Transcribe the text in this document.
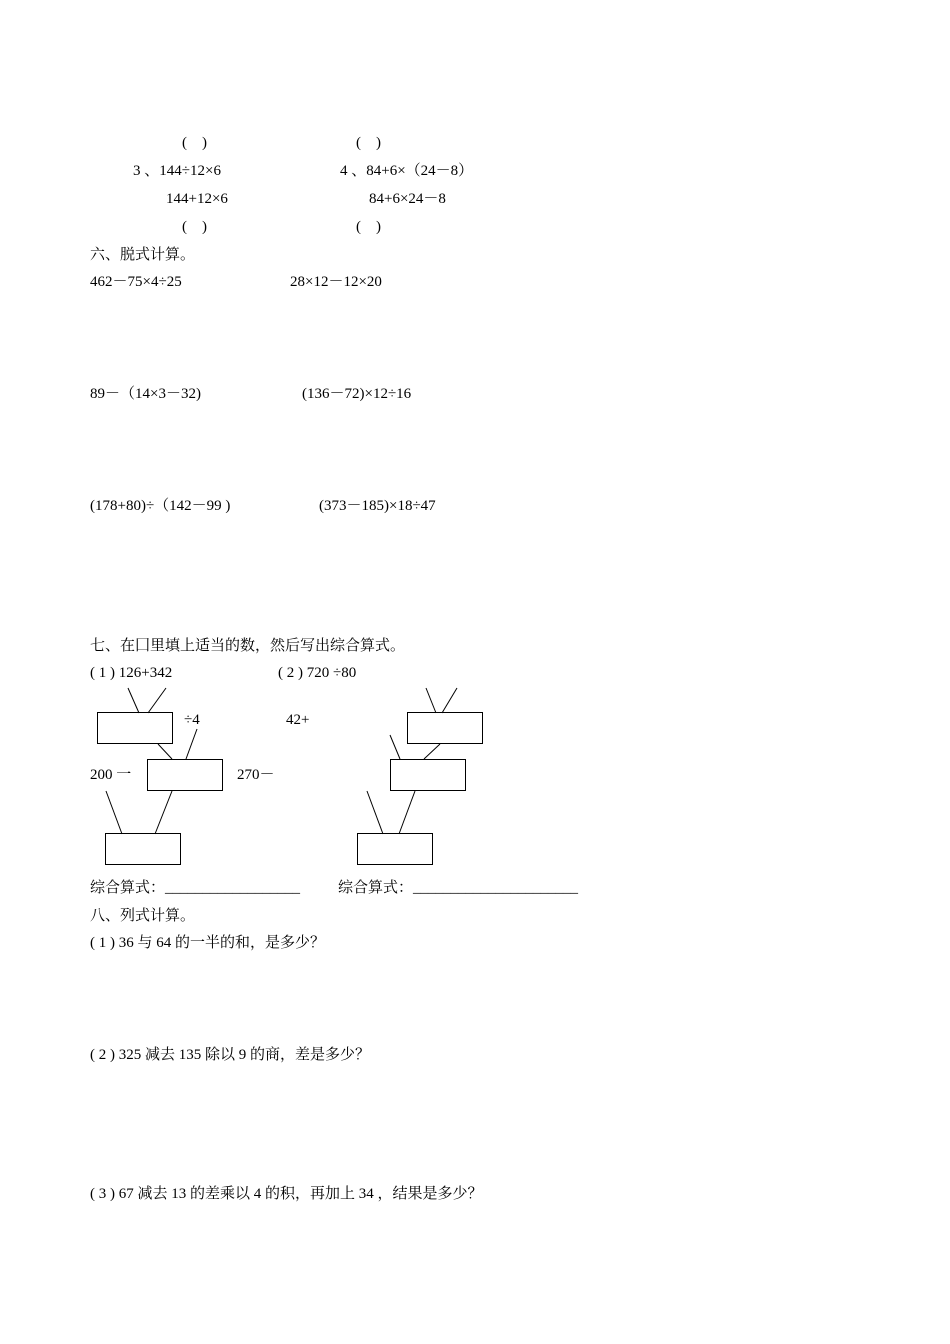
(    )	(    )
3 、144÷12×6	4 、84+6×（24－8）
144+12×6	84+6×24－8
(    )	(    )
六、脱式计算。
462－75×4÷25	28×12－12×20
89－（14×3－32)	(136－72)×12÷16
(178+80)÷（142－99 )	(373－185)×18÷47
七、在囗里填上适当的数，然后写出综合算式。
( 1 ) 126+342	( 2 ) 720 ÷80
÷4	42+
200 一	270－
综合算式：__________________	综合算式：______________________
八、列式计算。
( 1 ) 36 与 64 的一半的和，是多少？
( 2 ) 325 减去 135 除以 9 的商，差是多少？
( 3 ) 67 减去 13 的差乘以 4 的积，再加上 34 ，结果是多少？
